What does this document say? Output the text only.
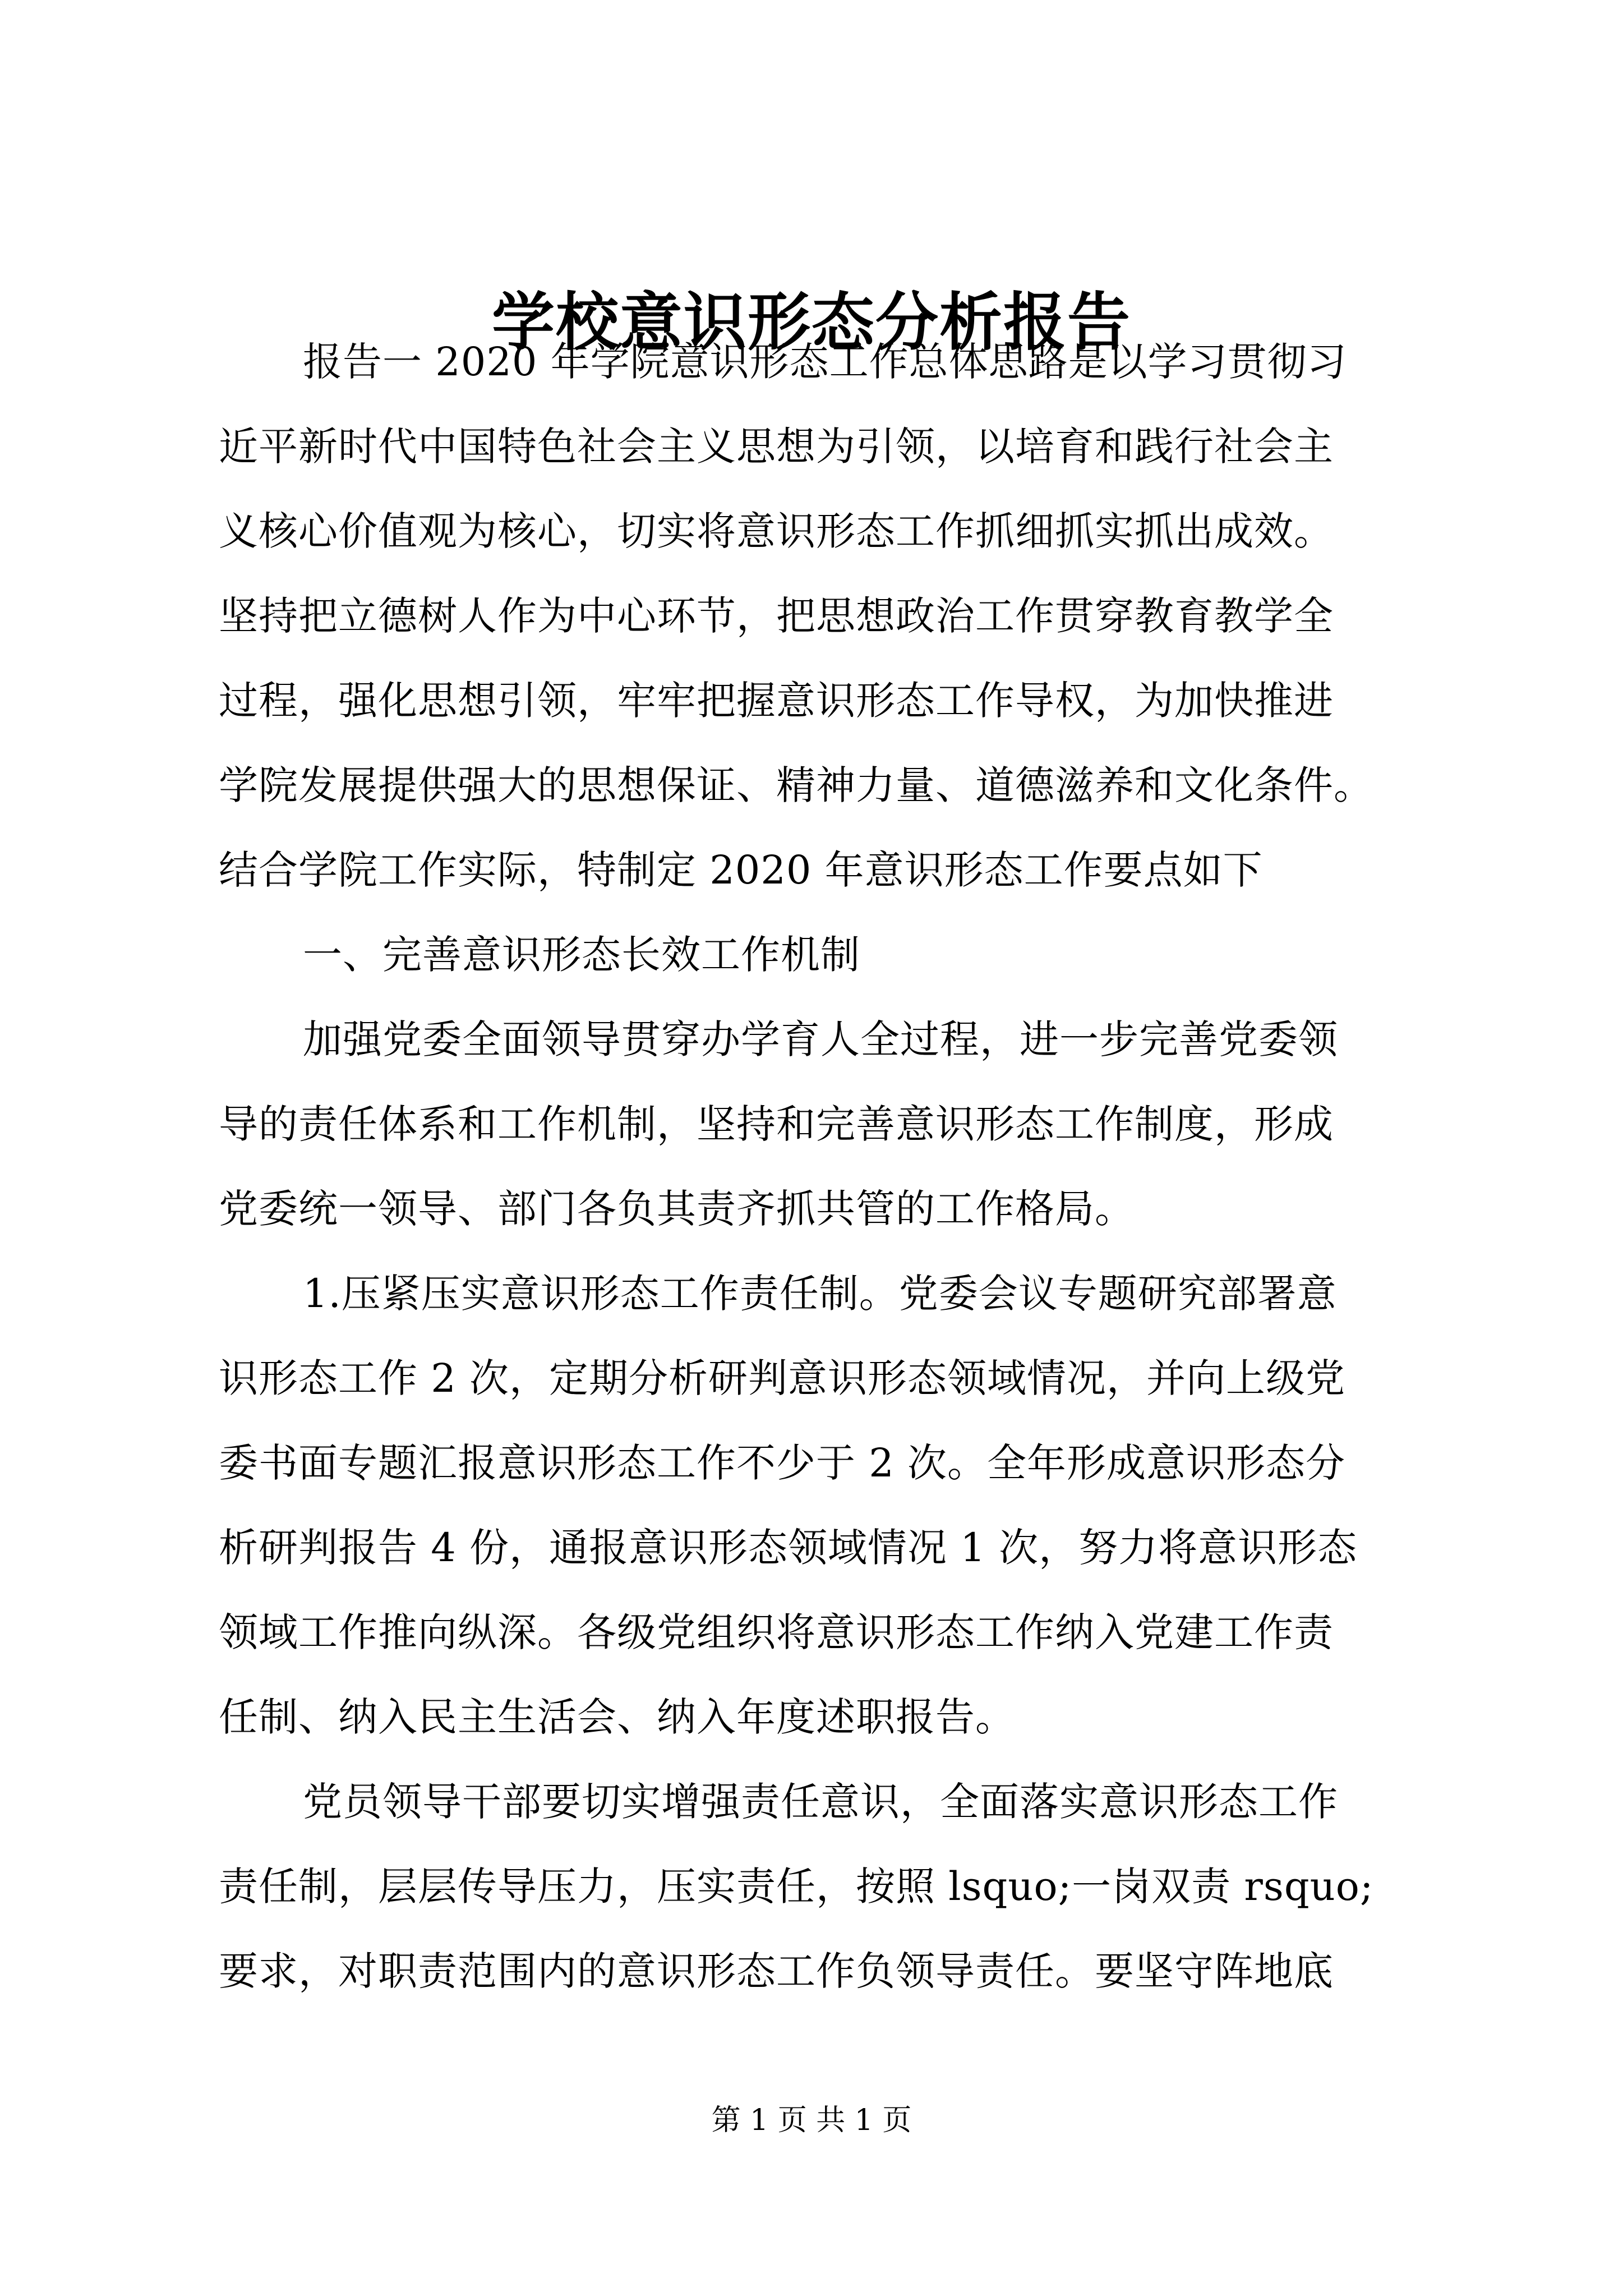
学校意识形态分析报告
报告一 2020 年学院意识形态工作总体思路是以学习贯彻习
近平新时代中国特色社会主义思想为引领，以培育和践行社会主
义核心价值观为核心，切实将意识形态工作抓细抓实抓出成效。
坚持把立德树人作为中心环节，把思想政治工作贯穿教育教学全
过程，强化思想引领，牢牢把握意识形态工作导权，为加快推进
学院发展提供强大的思想保证、精神力量、道德滋养和文化条件。
结合学院工作实际，特制定 2020 年意识形态工作要点如下
一、完善意识形态长效工作机制
加强党委全面领导贯穿办学育人全过程，进一步完善党委领
导的责任体系和工作机制，坚持和完善意识形态工作制度，形成
党委统一领导、部门各负其责齐抓共管的工作格局。
1.压紧压实意识形态工作责任制。党委会议专题研究部署意
识形态工作 2 次，定期分析研判意识形态领域情况，并向上级党
委书面专题汇报意识形态工作不少于 2 次。全年形成意识形态分
析研判报告 4 份，通报意识形态领域情况 1 次，努力将意识形态
领域工作推向纵深。各级党组织将意识形态工作纳入党建工作责
任制、纳入民主生活会、纳入年度述职报告。
党员领导干部要切实增强责任意识，全面落实意识形态工作
责任制，层层传导压力，压实责任，按照 lsquo;一岗双责 rsquo;
要求，对职责范围内的意识形态工作负领导责任。要坚守阵地底
第 1 页 共 1 页
